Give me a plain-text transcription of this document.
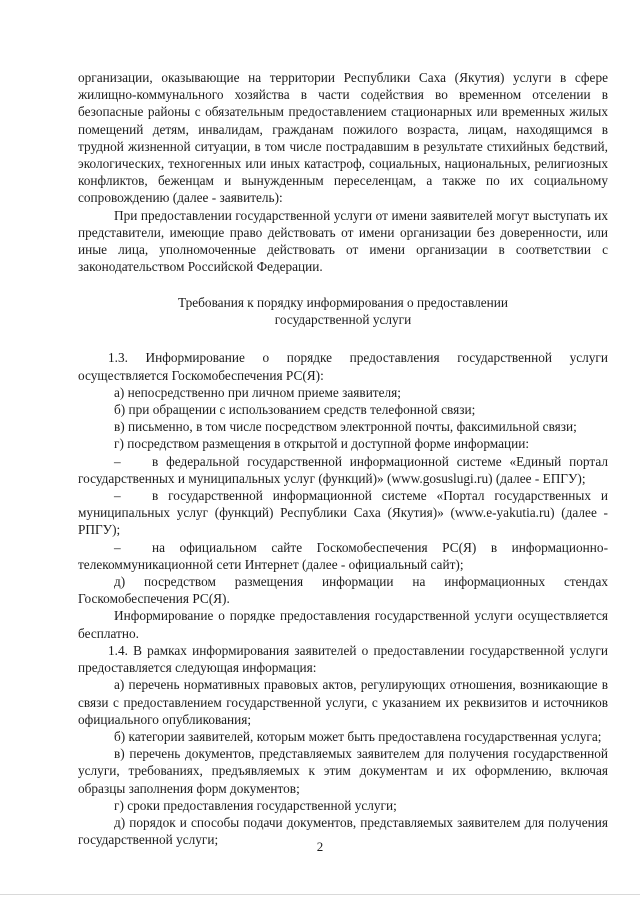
организации, оказывающие на территории Республики Саха (Якутия) услуги в сфере жилищно-коммунального хозяйства в части содействия во временном отселении в безопасные районы с обязательным предоставлением стационарных или временных жилых помещений детям, инвалидам, гражданам пожилого возраста, лицам, находящимся в трудной жизненной ситуации, в том числе пострадавшим в результате стихийных бедствий, экологических, техногенных или иных катастроф, социальных, национальных, религиозных конфликтов, беженцам и вынужденным переселенцам, а также по их социальному сопровождению (далее - заявитель):

При предоставлении государственной услуги от имени заявителей могут выступать их представители, имеющие право действовать от имени организации без доверенности, или иные лица, уполномоченные действовать от имени организации в соответствии с законодательством Российской Федерации.

Требования к порядку информирования о предоставлении
государственной услуги

1.3. Информирование о порядке предоставления государственной услуги осуществляется Госкомобеспечения РС(Я):

а) непосредственно при личном приеме заявителя;

б) при обращении с использованием средств телефонной связи;

в) письменно, в том числе посредством электронной почты, факсимильной связи;

г) посредством размещения в открытой и доступной форме информации:

– в федеральной государственной информационной системе «Единый портал государственных и муниципальных услуг (функций)» (www.gosuslugi.ru) (далее - ЕПГУ);

– в государственной информационной системе «Портал государственных и муниципальных услуг (функций) Республики Саха (Якутия)» (www.e-yakutia.ru) (далее - РПГУ);

– на официальном сайте Госкомобеспечения РС(Я) в информационно-телекоммуникационной сети Интернет (далее - официальный сайт);

д) посредством размещения информации на информационных стендах Госкомобеспечения РС(Я).

Информирование о порядке предоставления государственной услуги осуществляется бесплатно.

1.4. В рамках информирования заявителей о предоставлении государственной услуги предоставляется следующая информация:

а) перечень нормативных правовых актов, регулирующих отношения, возникающие в связи с предоставлением государственной услуги, с указанием их реквизитов и источников официального опубликования;

б) категории заявителей, которым может быть предоставлена государственная услуга;

в) перечень документов, представляемых заявителем для получения государственной услуги, требованиях, предъявляемых к этим документам и их оформлению, включая образцы заполнения форм документов;

г) сроки предоставления государственной услуги;

д) порядок и способы подачи документов, представляемых заявителем для получения государственной услуги;	2
